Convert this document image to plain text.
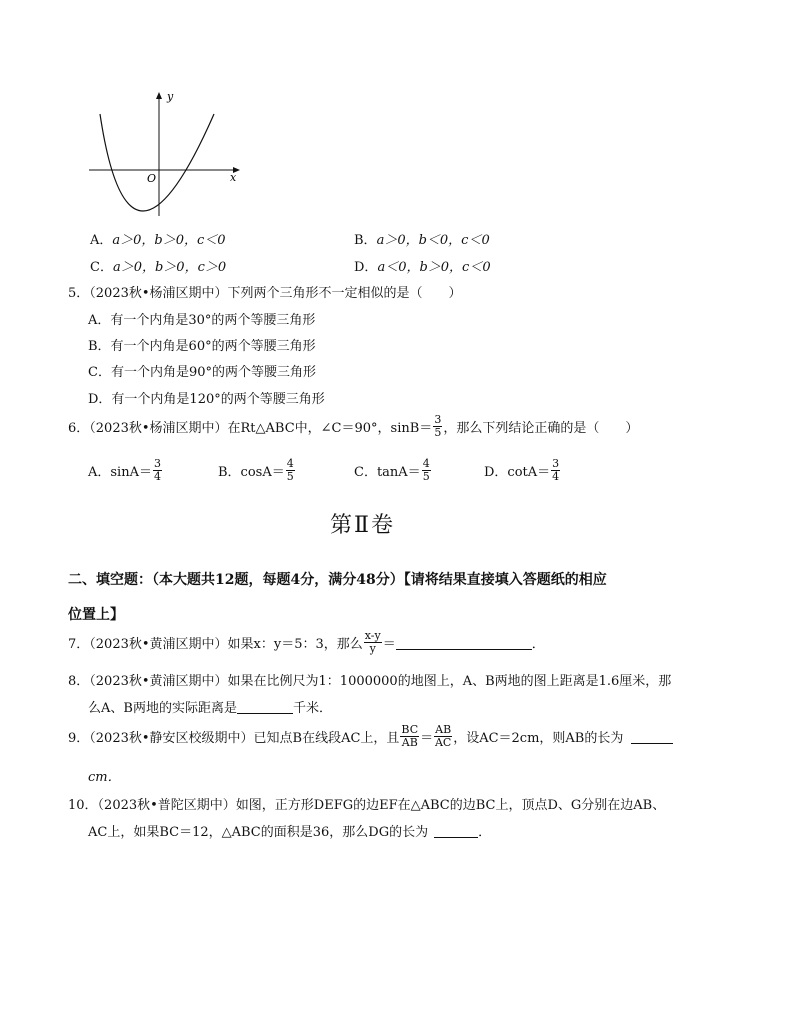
y
x
O
A．a＞0，b＞0，c＜0	B．a＞0，b＜0，c＜0
C．a＞0，b＞0，c＞0	D．a＜0，b＞0，c＜0
5．（2023秋•杨浦区期中）下列两个三角形不一定相似的是（　　）
A．有一个内角是30°的两个等腰三角形
B．有一个内角是60°的两个等腰三角形
C．有一个内角是90°的两个等腰三角形
D．有一个内角是120°的两个等腰三角形
6．（2023秋•杨浦区期中）在Rt△ABC中，∠C＝90°，$\sin B= \frac{3}{5}$ ，那么下列结论正确的是（　　）
A．$\sin A= \frac{3}{4}$	B．$\cos A= \frac{4}{5}$	C．$\tan A= \frac{4}{5}$	D．$\cot A= \frac{3}{4}$
第Ⅱ卷
二、填空题：（本大题共12题，每题4分，满分48分）【请将结果直接填入答题纸的相应
位置上】
7．（2023秋•黄浦区期中）如果x：y＝5：3，那么 $\frac{x-y}{y}$ ＝	．
8．（2023秋•黄浦区期中）如果在比例尺为1：1000000的地图上，A、B两地的图上距离是1.6厘米，那
么A、B两地的实际距离是	千米．
9．（2023秋•静安区校级期中）已知点B在线段AC上，且 $\frac{BC}{AB} = \frac{AB}{AC}$ ，设AC＝2cm，则AB的长为
cm．
10．（2023秋•普陀区期中）如图，正方形DEFG的边EF在△ABC的边BC上，顶点D、G分别在边AB、
AC上，如果BC＝12，△ABC的面积是36，那么DG的长为	．
